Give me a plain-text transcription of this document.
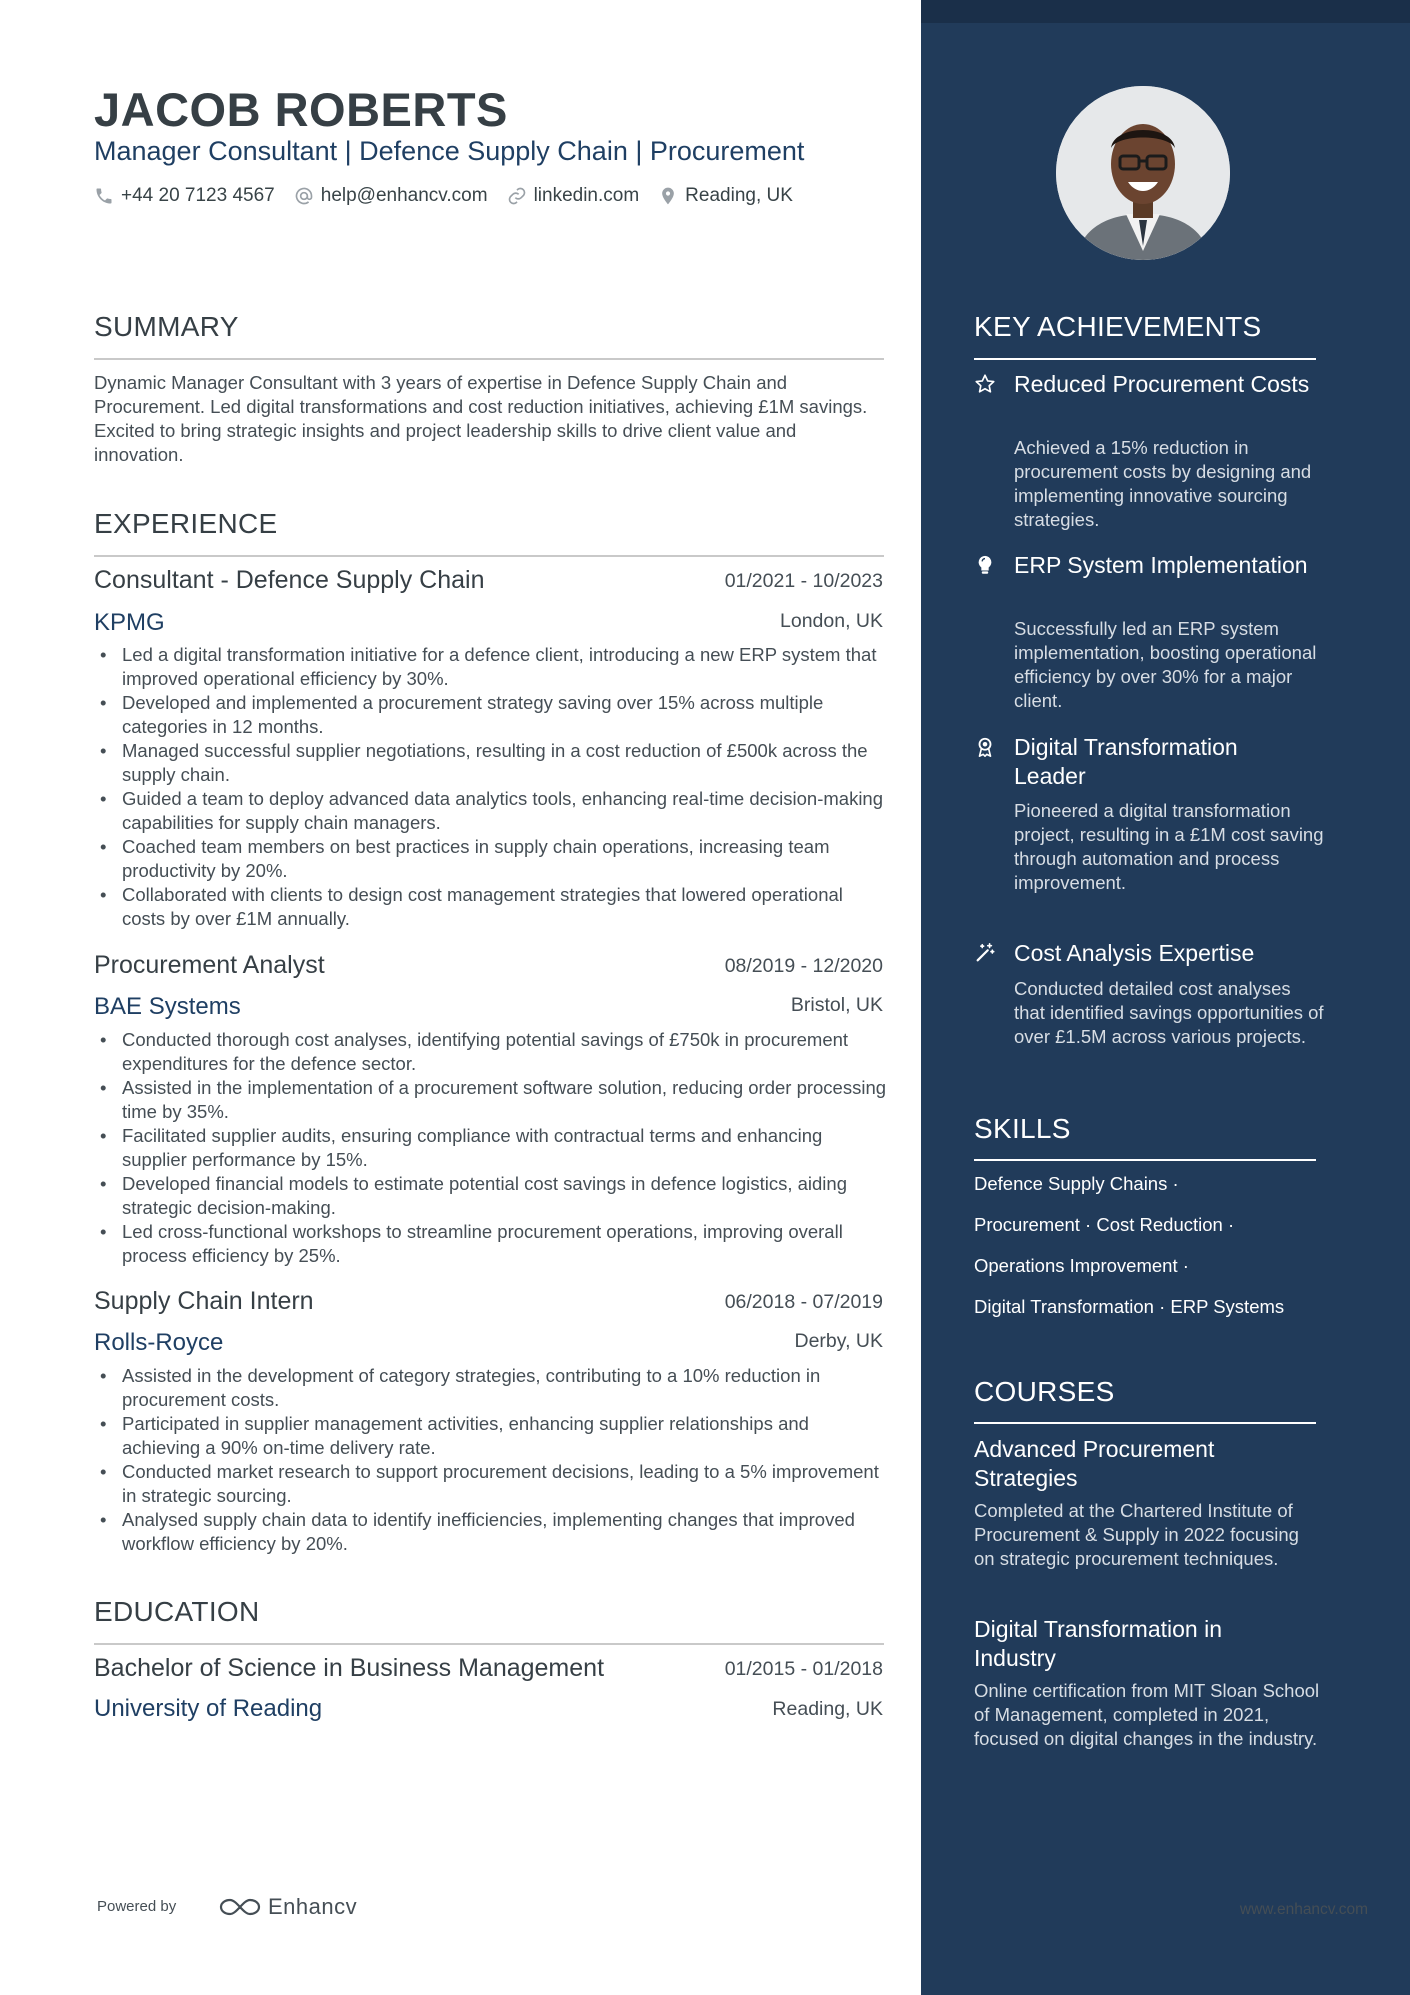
JACOB ROBERTS
Manager Consultant | Defence Supply Chain | Procurement
+44 20 7123 4567 help@enhancv.com linkedin.com Reading, UK
SUMMARY
Dynamic Manager Consultant with 3 years of expertise in Defence Supply Chain and Procurement. Led digital transformations and cost reduction initiatives, achieving £1M savings. Excited to bring strategic insights and project leadership skills to drive client value and innovation.
EXPERIENCE
Consultant - Defence Supply Chain	01/2021 - 10/2023
KPMG	London, UK
• Led a digital transformation initiative for a defence client, introducing a new ERP system that improved operational efficiency by 30%.
• Developed and implemented a procurement strategy saving over 15% across multiple categories in 12 months.
• Managed successful supplier negotiations, resulting in a cost reduction of £500k across the supply chain.
• Guided a team to deploy advanced data analytics tools, enhancing real-time decision-making capabilities for supply chain managers.
• Coached team members on best practices in supply chain operations, increasing team productivity by 20%.
• Collaborated with clients to design cost management strategies that lowered operational costs by over £1M annually.
Procurement Analyst	08/2019 - 12/2020
BAE Systems	Bristol, UK
• Conducted thorough cost analyses, identifying potential savings of £750k in procurement expenditures for the defence sector.
• Assisted in the implementation of a procurement software solution, reducing order processing time by 35%.
• Facilitated supplier audits, ensuring compliance with contractual terms and enhancing supplier performance by 15%.
• Developed financial models to estimate potential cost savings in defence logistics, aiding strategic decision-making.
• Led cross-functional workshops to streamline procurement operations, improving overall process efficiency by 25%.
Supply Chain Intern	06/2018 - 07/2019
Rolls-Royce	Derby, UK
• Assisted in the development of category strategies, contributing to a 10% reduction in procurement costs.
• Participated in supplier management activities, enhancing supplier relationships and achieving a 90% on-time delivery rate.
• Conducted market research to support procurement decisions, leading to a 5% improvement in strategic sourcing.
• Analysed supply chain data to identify inefficiencies, implementing changes that improved workflow efficiency by 20%.
EDUCATION
Bachelor of Science in Business Management	01/2015 - 01/2018
University of Reading	Reading, UK
Powered by	Enhancv	www.enhancv.com
KEY ACHIEVEMENTS
Reduced Procurement Costs
Achieved a 15% reduction in procurement costs by designing and implementing innovative sourcing strategies.
ERP System Implementation
Successfully led an ERP system implementation, boosting operational efficiency by over 30% for a major client.
Digital Transformation Leader
Pioneered a digital transformation project, resulting in a £1M cost saving through automation and process improvement.
Cost Analysis Expertise
Conducted detailed cost analyses that identified savings opportunities of over £1.5M across various projects.
SKILLS
Defence Supply Chains ·
Procurement · Cost Reduction ·
Operations Improvement ·
Digital Transformation · ERP Systems
COURSES
Advanced Procurement Strategies
Completed at the Chartered Institute of Procurement & Supply in 2022 focusing on strategic procurement techniques.
Digital Transformation in Industry
Online certification from MIT Sloan School of Management, completed in 2021, focused on digital changes in the industry.
